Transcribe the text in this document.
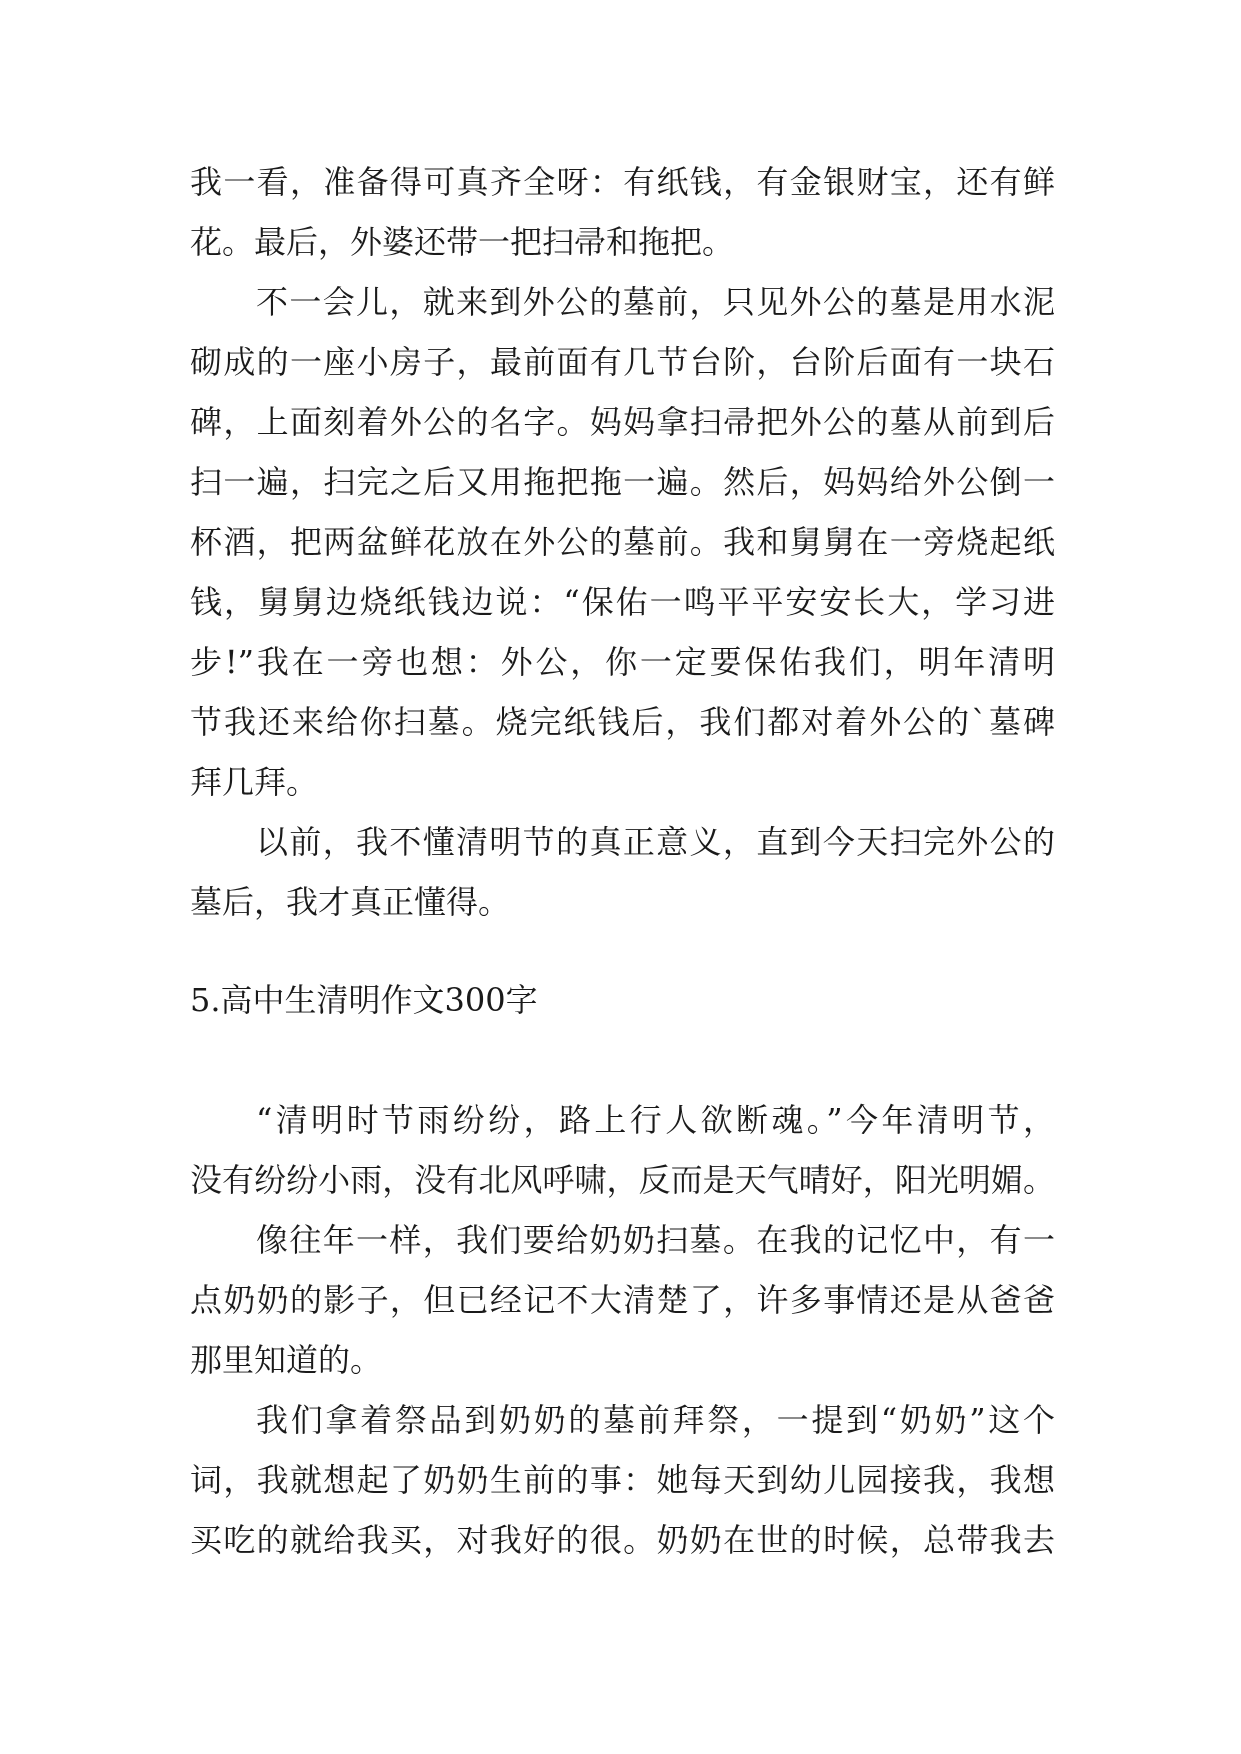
我一看，准备得可真齐全呀：有纸钱，有金银财宝，还有鲜
花。最后，外婆还带一把扫帚和拖把。
不一会儿，就来到外公的墓前，只见外公的墓是用水泥
砌成的一座小房子，最前面有几节台阶，台阶后面有一块石
碑，上面刻着外公的名字。妈妈拿扫帚把外公的墓从前到后
扫一遍，扫完之后又用拖把拖一遍。然后，妈妈给外公倒一
杯酒，把两盆鲜花放在外公的墓前。我和舅舅在一旁烧起纸
钱，舅舅边烧纸钱边说：“保佑一鸣平平安安长大，学习进
步!”我在一旁也想：外公，你一定要保佑我们，明年清明
节我还来给你扫墓。烧完纸钱后，我们都对着外公的`墓碑
拜几拜。
以前，我不懂清明节的真正意义，直到今天扫完外公的
墓后，我才真正懂得。
5.高中生清明作文300字
“清明时节雨纷纷，路上行人欲断魂。”今年清明节，
没有纷纷小雨，没有北风呼啸，反而是天气晴好，阳光明媚。
像往年一样，我们要给奶奶扫墓。在我的记忆中，有一
点奶奶的影子，但已经记不大清楚了，许多事情还是从爸爸
那里知道的。
我们拿着祭品到奶奶的墓前拜祭，一提到“奶奶”这个
词，我就想起了奶奶生前的事：她每天到幼儿园接我，我想
买吃的就给我买，对我好的很。奶奶在世的时候，总带我去
